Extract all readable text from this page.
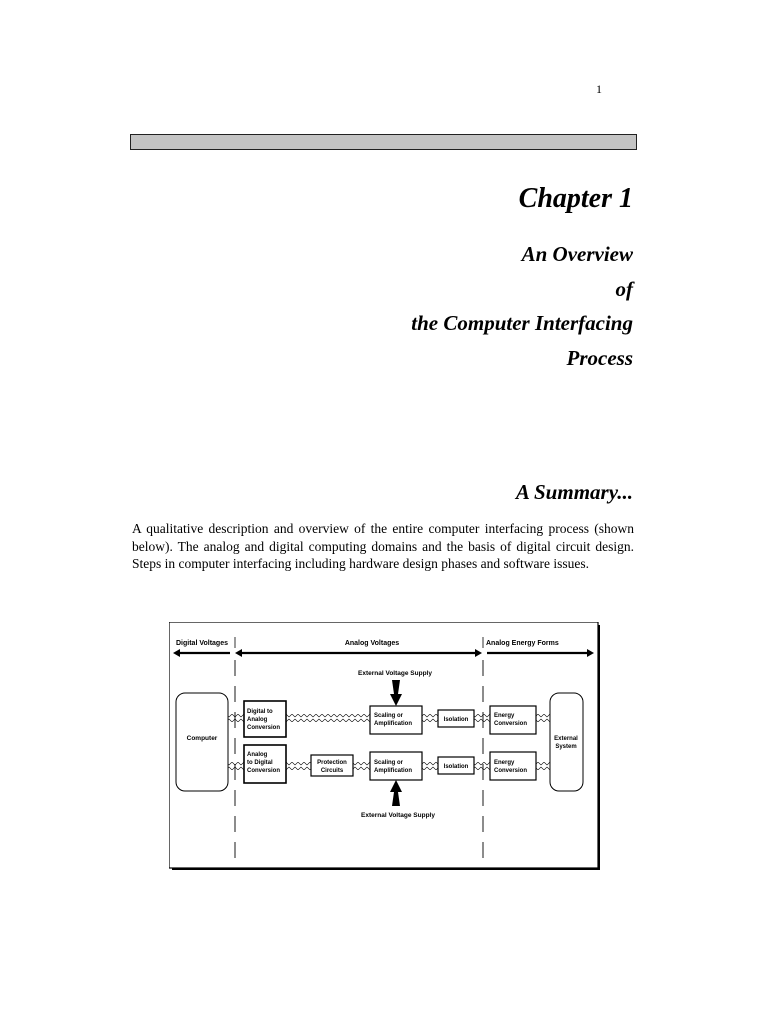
1
Chapter 1
An Overview
of
the Computer Interfacing
Process
A Summary...
A qualitative description and overview of the entire computer interfacing process (shown below). The analog and digital computing domains and the basis of digital circuit design. Steps in computer interfacing including hardware design phases and software issues.
Digital Voltages	Analog Voltages	Analog Energy Forms
External Voltage Supply
Computer	External
System
Digital to
Analog
Conversion
Analog
to Digital
Conversion
Protection
Circuits
Scaling or
Amplification
Scaling or
Amplification
Isolation
Isolation
Energy
Conversion
Energy
Conversion
External Voltage Supply
